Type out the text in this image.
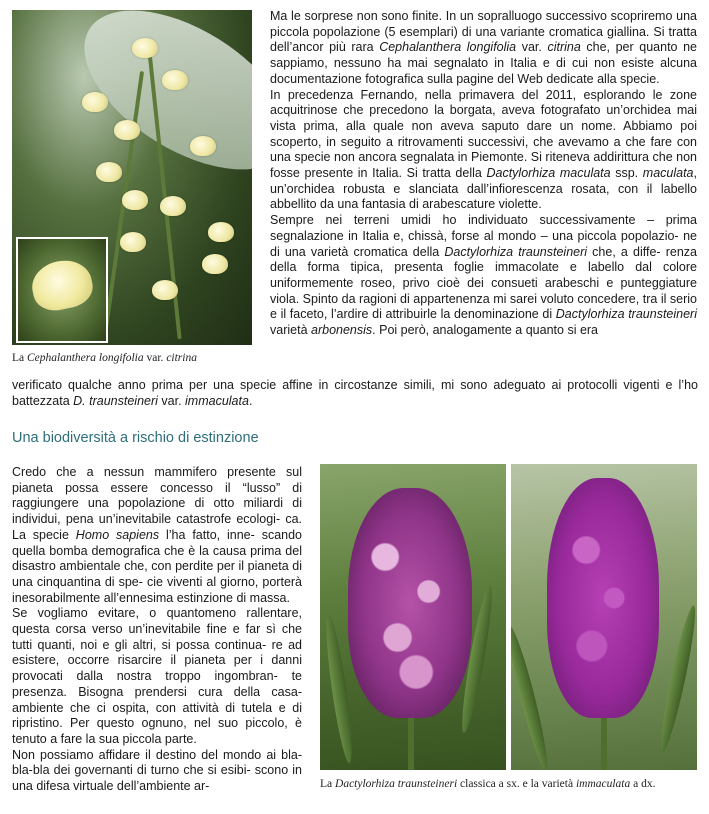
La Cephalanthera longifolia var. citrina

Ma le sorprese non sono finite. In un sopralluogo successivo scopriremo una piccola popolazione (5 esemplari) di una variante cromatica giallina. Si tratta dell’ancor più rara Cephalanthera longifolia var. citrina che, per quanto ne sappiamo, nessuno ha mai segnalato in Italia e di cui non esiste alcuna documentazione fotografica sulla pagine del Web dedicate alla specie.

In precedenza Fernando, nella primavera del 2011, esplorando le zone acquitrinose che precedono la borgata, aveva fotografato un’orchidea mai vista prima, alla quale non aveva saputo dare un nome. Abbiamo poi scoperto, in seguito a ritrovamenti successivi, che avevamo a che fare con una specie non ancora segnalata in Piemonte. Si riteneva addirittura che non fosse presente in Italia. Si tratta della Dactylorhiza maculata ssp. maculata, un’orchidea robusta e slanciata dall’infiorescenza rosata, con il labello abbellito da una fantasia di arabescature violette.

Sempre nei terreni umidi ho individuato successivamente – prima segnalazione in Italia e, chissà, forse al mondo – una piccola popolazio- ne di una varietà cromatica della Dactylorhiza traunsteineri che, a diffe- renza della forma tipica, presenta foglie immacolate e labello dal colore uniformemente roseo, privo cioè dei consueti arabeschi e punteggiature viola. Spinto da ragioni di appartenenza mi sarei voluto concedere, tra il serio e il faceto, l’ardire di attribuirle la denominazione di Dactylorhiza traunsteineri varietà arbonensis. Poi però, analogamente a quanto si era

verificato qualche anno prima per una specie affine in circostanze simili, mi sono adeguato ai protocolli vigenti e l’ho battezzata D. traunsteineri var. immaculata.

Una biodiversità a rischio di estinzione

Credo che a nessun mammifero presente sul pianeta possa essere concesso il “lusso” di raggiungere una popolazione di otto miliardi di individui, pena un’inevitabile catastrofe ecologi- ca. La specie Homo sapiens l’ha fatto, inne- scando quella bomba demografica che è la causa prima del disastro ambientale che, con perdite per il pianeta di una cinquantina di spe- cie viventi al giorno, porterà inesorabilmente all’ennesima estinzione di massa.

Se vogliamo evitare, o quantomeno rallentare, questa corsa verso un’inevitabile fine e far sì che tutti quanti, noi e gli altri, si possa continua- re ad esistere, occorre risarcire il pianeta per i danni provocati dalla nostra troppo ingombran- te presenza. Bisogna prendersi cura della casa- ambiente che ci ospita, con attività di tutela e di ripristino. Per questo ognuno, nel suo piccolo, è tenuto a fare la sua piccola parte.

Non possiamo affidare il destino del mondo ai bla-bla-bla dei governanti di turno che si esibi- scono in una difesa virtuale dell’ambiente ar-	La Dactylorhiza traunsteineri classica a sx. e la varietà immaculata a dx.
